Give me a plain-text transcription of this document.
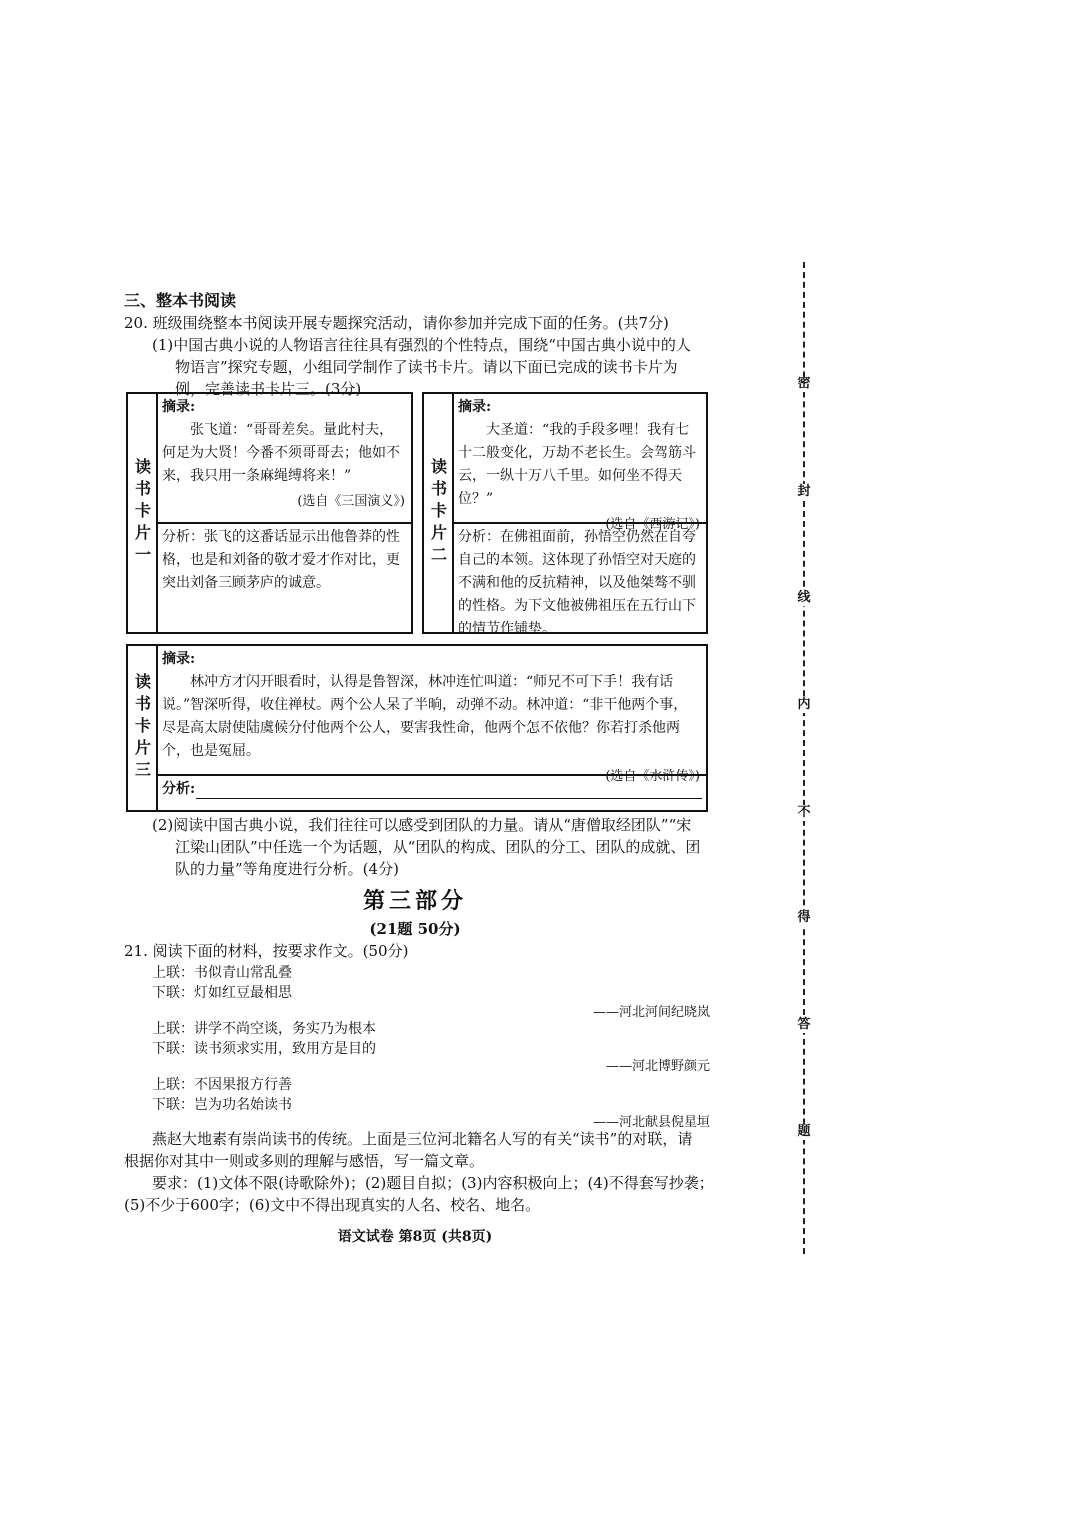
三、整本书阅读
20. 班级围绕整本书阅读开展专题探究活动，请你参加并完成下面的任务。(共7分)
(1)中国古典小说的人物语言往往具有强烈的个性特点，围绕“中国古典小说中的人
物语言”探究专题，小组同学制作了读书卡片。请以下面已完成的读书卡片为
例，完善读书卡片三。(3分)
读书卡片一
摘录:
张飞道：“哥哥差矣。量此村夫，何足为大贤！今番不须哥哥去；他如不来，我只用一条麻绳缚将来！”
(选自《三国演义》)
分析：张飞的这番话显示出他鲁莽的性格，也是和刘备的敬才爱才作对比，更突出刘备三顾茅庐的诚意。
读书卡片二
摘录:
大圣道：“我的手段多哩！我有七十二般变化，万劫不老长生。会驾筋斗云，一纵十万八千里。如何坐不得天位？”
(选自《西游记》)
分析：在佛祖面前，孙悟空仍然在自夸自己的本领。这体现了孙悟空对天庭的不满和他的反抗精神，以及他桀骜不驯的性格。为下文他被佛祖压在五行山下的情节作铺垫。
读书卡片三
摘录:
林冲方才闪开眼看时，认得是鲁智深，林冲连忙叫道：“师兄不可下手！我有话说。”智深听得，收住禅杖。两个公人呆了半晌，动弹不动。林冲道：“非干他两个事，尽是高太尉使陆虞候分付他两个公人，要害我性命，他两个怎不依他？你若打杀他两个，也是冤屈。
(选自《水浒传》)
分析:
(2)阅读中国古典小说，我们往往可以感受到团队的力量。请从“唐僧取经团队”“宋
江梁山团队”中任选一个为话题，从“团队的构成、团队的分工、团队的成就、团
队的力量”等角度进行分析。(4分)
第三部分
(21题 50分)
21. 阅读下面的材料，按要求作文。(50分)
上联：书似青山常乱叠
下联：灯如红豆最相思
——河北河间纪晓岚
上联：讲学不尚空谈，务实乃为根本
下联：读书须求实用，致用方是目的
——河北博野颜元
上联：不因果报方行善
下联：岂为功名始读书
——河北献县倪星垣
燕赵大地素有崇尚读书的传统。上面是三位河北籍名人写的有关“读书”的对联，请
根据你对其中一则或多则的理解与感悟，写一篇文章。
要求：(1)文体不限(诗歌除外)；(2)题目自拟；(3)内容积极向上；(4)不得套写抄袭；
(5)不少于600字；(6)文中不得出现真实的人名、校名、地名。
语文试卷 第8页 (共8页)
密
封
线
内
不
得
答
题
